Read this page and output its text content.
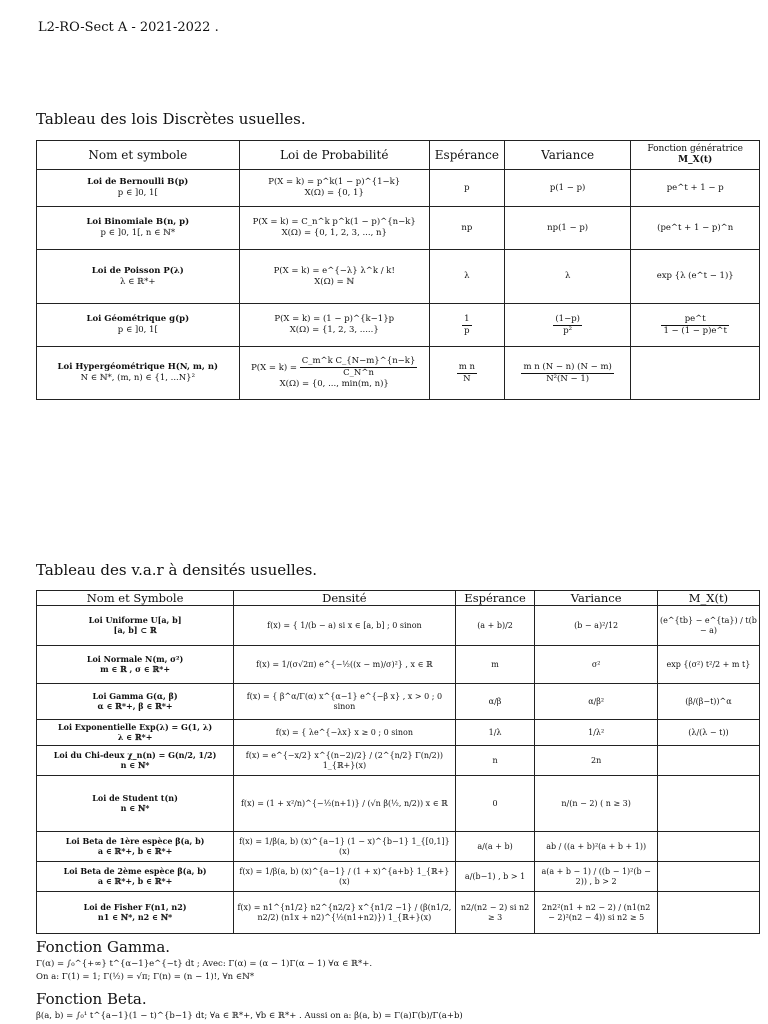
L2-RO-Sect A - 2021-2022 .
Tableau des lois Discrètes usuelles.
Nom et symbole	Loi de Probabilité	Espérance	Variance	Fonction génératrice
M_X(t)
Loi de Bernoulli B(p)
p ∈ ]0, 1[	P(X = k) = p^k(1 − p)^{1−k}
X(Ω) = {0, 1}	p	p(1 − p)	pe^t + 1 − p
Loi Binomiale B(n, p)
p ∈ ]0, 1[, n ∈ ℕ*	P(X = k) = C_n^k p^k(1 − p)^{n−k}
X(Ω) = {0, 1, 2, 3, ..., n}	np	np(1 − p)	(pe^t + 1 − p)^n
Loi de Poisson P(λ)
λ ∈ ℝ*+	P(X = k) = e^{−λ} λ^k / k!
X(Ω) = ℕ	λ	λ	exp {λ (e^t − 1)}
Loi Géométrique g(p)
p ∈ ]0, 1[	P(X = k) = (1 − p)^{k−1}p
X(Ω) = {1, 2, 3, .....}	$\frac{1}{p}$	$\frac{(1-p)}{\text{p²}}$	$\frac{pe\^{}t}{1 - (1 - p)e\^{}t}$

Loi Hypergéométrique H(N, m, n)
N ∈ ℕ*, (m, n) ∈ {1, ...N}²	$P(X = k) = \frac{\text{C\_m\textasciicircum{}k C\_\{N−m\}\textasciicircum{}\{n−k\}}}{C\_N\^{}n}$

X(Ω) = {0, ..., min(m, n)}	$\frac{\text{m n}}{N}$	$\frac{\text{m n (N − n) (N − m)}}{\text{N²(N − 1)}}$

Tableau des v.a.r à densités usuelles.
Nom et Symbole	Densité	Espérance	Variance	M_X(t)
Loi Uniforme U[a, b]
[a, b] ⊂ ℝ	f(x) = { 1/(b − a) si x ∈ [a, b] ; 0 sinon	(a + b)/2	(b − a)²/12	(e^{tb} − e^{ta}) / t(b − a)
Loi Normale N(m, σ²)
m ∈ ℝ , σ ∈ ℝ*+	f(x) = 1/(σ√2π) e^{−½((x − m)/σ)²} , x ∈ ℝ	m	σ²	exp {(σ²) t²/2 + m t}
Loi Gamma G(α, β)
α ∈ ℝ*+, β ∈ ℝ*+	f(x) = { β^α/Γ(α) x^{α−1} e^{−β x} , x > 0 ; 0 sinon	α/β	α/β²	(β/(β−t))^α
Loi Exponentielle Exp(λ) = G(1, λ)
λ ∈ ℝ*+	f(x) = { λe^{−λx} x ≥ 0 ; 0 sinon	1/λ	1/λ²	(λ/(λ − t))
Loi du Chi-deux χ_n(n) = G(n/2, 1/2)
n ∈ ℕ*	f(x) = e^{−x/2} x^{(n−2)/2} / (2^{n/2} Γ(n/2)) 1_{ℝ+}(x)	n	2n	
Loi de Student t(n)
n ∈ ℕ*	f(x) = (1 + x²/n)^{−½(n+1)} / (√n β(½, n/2)) x ∈ ℝ	0	n/(n − 2) ( n ≥ 3)	
Loi Beta de 1ère espèce β(a, b)
a ∈ ℝ*+, b ∈ ℝ*+	f(x) = 1/β(a, b) (x)^{a−1} (1 − x)^{b−1} 1_{[0,1]}(x)	a/(a + b)	ab / ((a + b)²(a + b + 1))	
Loi Beta de 2ème espèce β(a, b)
a ∈ ℝ*+, b ∈ ℝ*+	f(x) = 1/β(a, b) (x)^{a−1} / (1 + x)^{a+b} 1_{ℝ+}(x)	a/(b−1) , b > 1	a(a + b − 1) / ((b − 1)²(b − 2)) , b > 2	
Loi de Fisher F(n1, n2)
n1 ∈ ℕ*, n2 ∈ ℕ*	f(x) = n1^{n1/2} n2^{n2/2} x^{n1/2 −1} / (β(n1/2, n2/2) (n1x + n2)^{½(n1+n2)}) 1_{ℝ+}(x)	n2/(n2 − 2) si n2 ≥ 3	2n2²(n1 + n2 − 2) / (n1(n2 − 2)²(n2 − 4)) si n2 ≥ 5	
Fonction Gamma.
Γ(α) = ∫₀^{+∞} t^{α−1}e^{−t} dt ; Avec: Γ(α) = (α − 1)Γ(α − 1) ∀α ∈ ℝ*+.
On a: Γ(1) = 1; Γ(½) = √π; Γ(n) = (n − 1)!, ∀n ∈ℕ*
Fonction Beta.
β(a, b) = ∫₀¹ t^{a−1}(1 − t)^{b−1} dt; ∀a ∈ ℝ*+, ∀b ∈ ℝ*+ . Aussi on a: β(a, b) = Γ(a)Γ(b)/Γ(a+b)
